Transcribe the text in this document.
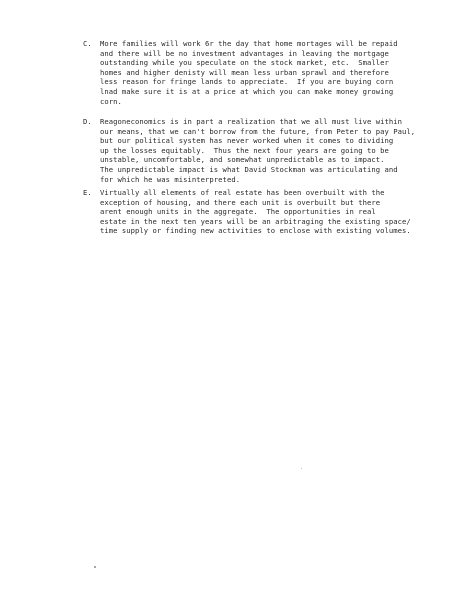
C. More families will work 6r the day that home mortages will be repaid
and there will be no investment advantages in leaving the mortgage
outstanding while you speculate on the stock market, etc.  Smaller
homes and higher denisty will mean less urban sprawl and therefore
less reason for fringe lands to appreciate.  If you are buying corn
lnad make sure it is at a price at which you can make money growing
corn.
D. Reagoneconomics is in part a realization that we all must live within
our means, that we can't borrow from the future, from Peter to pay Paul,
but our political system has never worked when it comes to dividing
up the losses equitably.  Thus the next four years are going to be
unstable, uncomfortable, and somewhat unpredictable as to impact.
The unpredictable impact is what David Stockman was articulating and
for which he was misinterpreted.
E. Virtually all elements of real estate has been overbuilt with the
exception of housing, and there each unit is overbuilt but there
arent enough units in the aggregate.  The opportunities in real
estate in the next ten years will be an arbitraging the existing space/
time supply or finding new activities to enclose with existing volumes.
